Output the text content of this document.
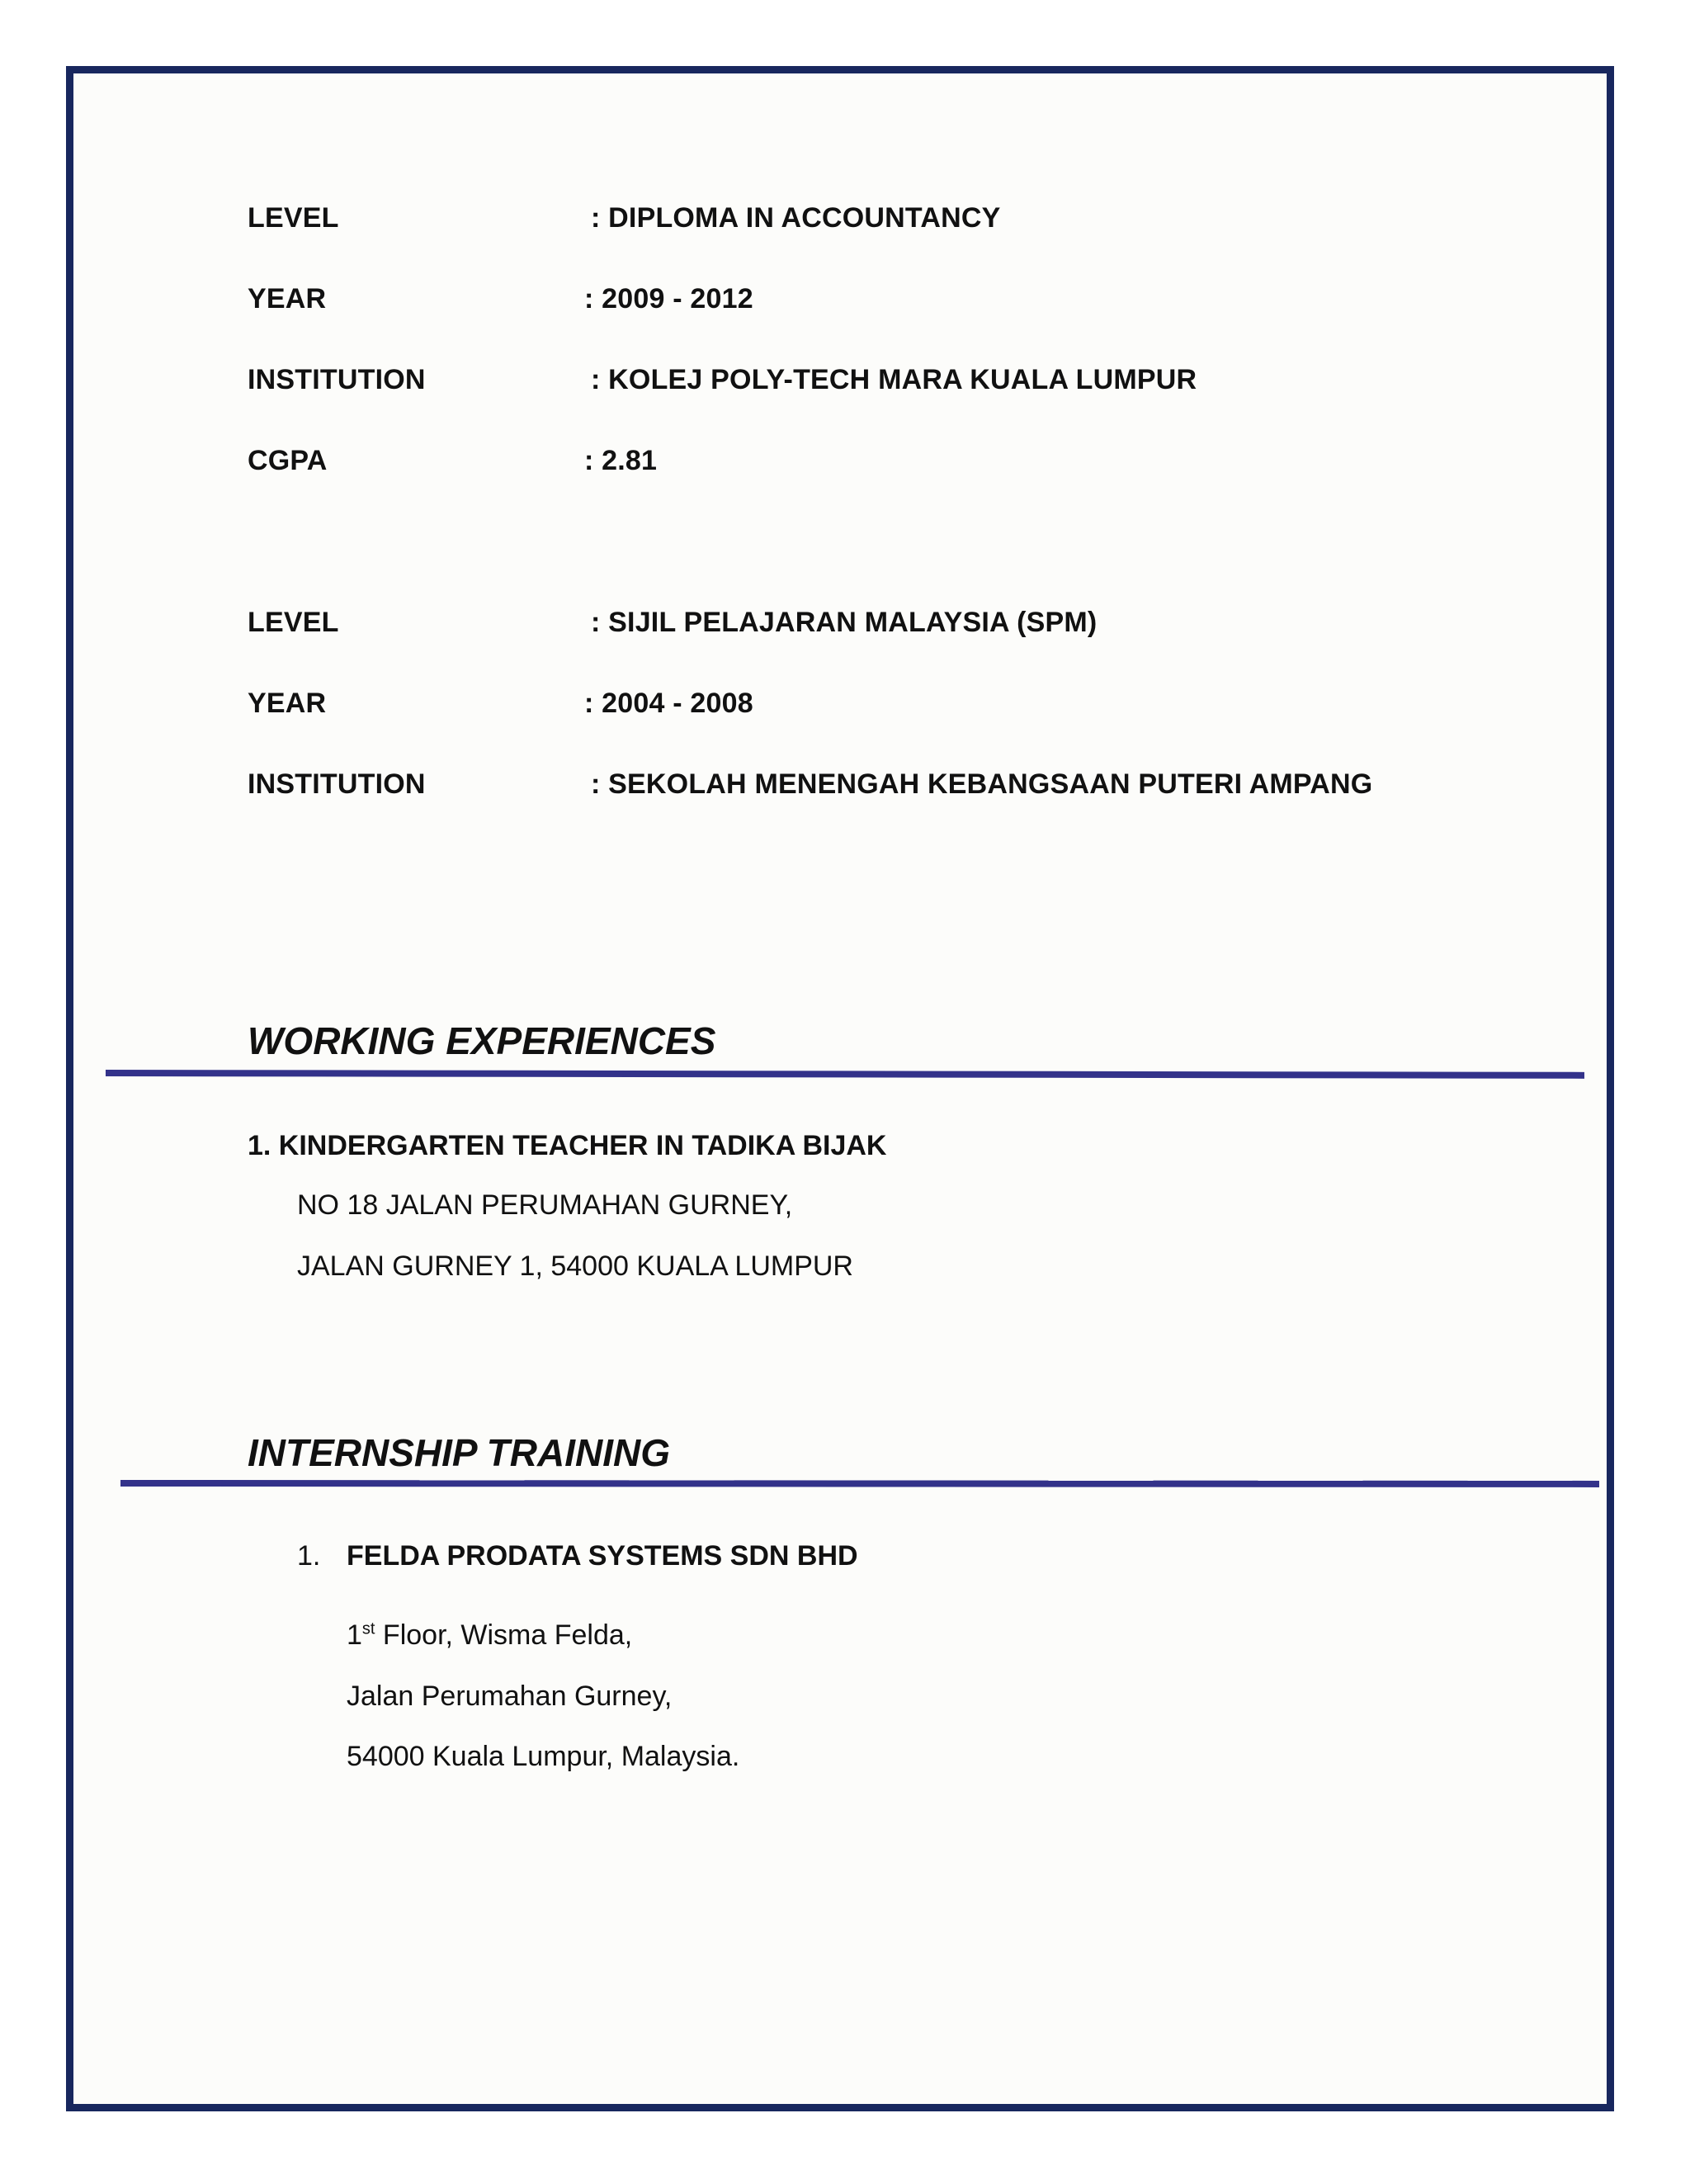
LEVEL	: DIPLOMA IN ACCOUNTANCY
YEAR	: 2009 - 2012
INSTITUTION	: KOLEJ POLY-TECH MARA KUALA LUMPUR
CGPA	: 2.81
LEVEL	: SIJIL PELAJARAN MALAYSIA (SPM)
YEAR	: 2004 - 2008
INSTITUTION	: SEKOLAH MENENGAH KEBANGSAAN PUTERI AMPANG
WORKING EXPERIENCES
1. KINDERGARTEN TEACHER IN TADIKA BIJAK
NO 18 JALAN PERUMAHAN GURNEY,
JALAN GURNEY 1, 54000 KUALA LUMPUR
INTERNSHIP TRAINING
1. FELDA PRODATA SYSTEMS SDN BHD
1st Floor, Wisma Felda,
Jalan Perumahan Gurney,
54000 Kuala Lumpur, Malaysia.
